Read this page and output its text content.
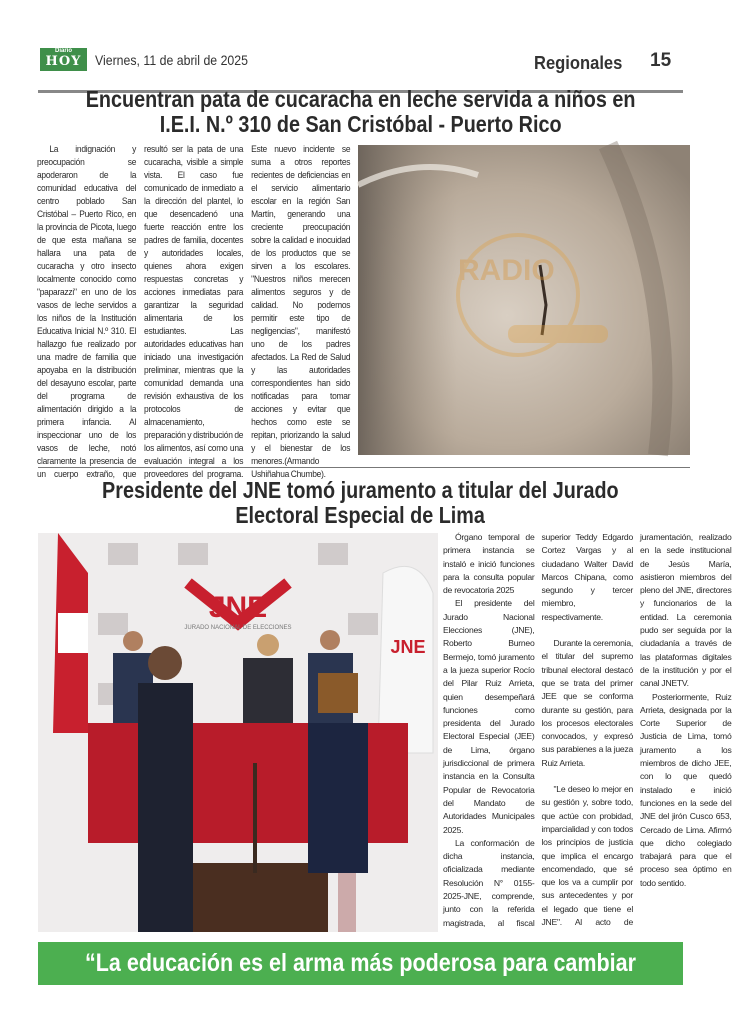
Diario
HOY Viernes, 11 de abril de 2025	Regionales 15
Encuentran pata de cucaracha en leche servida a niños en
I.E.I. N.º 310 de San Cristóbal - Puerto Rico

La indignación y preocupación se apoderaron de la comunidad educativa del centro poblado San Cristóbal – Puerto Rico, en la provincia de Picota, luego de que esta mañana se hallara una pata de cucaracha y otro insecto localmente conocido como "paparazzi" en uno de los vasos de leche servidos a los niños de la Institución Educativa Inicial N.º 310. El hallazgo fue realizado por una madre de familia que apoyaba en la distribución del desayuno escolar, parte del programa de alimentación dirigido a la primera infancia. Al inspeccionar uno de los vasos de leche, notó claramente la presencia de un cuerpo extraño, que resultó ser la pata de una cucaracha, visible a simple vista. El caso fue comunicado de inmediato a la dirección del plantel, lo que desencadenó una fuerte reacción entre los padres de familia, docentes y autoridades locales, quienes ahora exigen respuestas concretas y acciones inmediatas para garantizar la seguridad alimentaria de los estudiantes. Las autoridades educativas han iniciado una investigación preliminar, mientras que la comunidad demanda una revisión exhaustiva de los protocolos de almacenamiento, preparación y distribución de los alimentos, así como una evaluación integral a los proveedores del programa. Este nuevo incidente se suma a otros reportes recientes de deficiencias en el servicio alimentario escolar en la región San Martín, generando una creciente preocupación sobre la calidad e inocuidad de los productos que se sirven a los escolares. "Nuestros niños merecen alimentos seguros y de calidad. No podemos permitir este tipo de negligencias", manifestó uno de los padres afectados. La Red de Salud y las autoridades correspondientes han sido notificadas para tomar acciones y evitar que hechos como este se repitan, priorizando la salud y el bienestar de los menores.(Armando Ushiñahua Chumbe).

RADIO
Presidente del JNE tomó juramento a titular del Jurado
Electoral Especial de Lima
JNE
JNE
JURADO NACIONAL DE ELECCIONES

Órgano temporal de primera instancia se instaló e inició funciones para la consulta popular de revocatoria 2025

El presidente del Jurado Nacional Elecciones (JNE), Roberto Burneo Bermejo, tomó juramento a la jueza superior Rocío del Pilar Ruiz Arrieta, quien desempeñará funciones como presidenta del Jurado Electoral Especial (JEE) de Lima, órgano jurisdiccional de primera instancia en la Consulta Popular de Revocatoria del Mandato de Autoridades Municipales 2025.

La conformación de dicha instancia, oficializada mediante Resolución N° 0155-2025-JNE, comprende, junto con la referida magistrada, al fiscal superior Teddy Edgardo Cortez Vargas y al ciudadano Walter David Marcos Chipana, como segundo y tercer miembro, respectivamente.

Durante la ceremonia, el titular del supremo tribunal electoral destacó que se trata del primer JEE que se conforma durante su gestión, para los procesos electorales convocados, y expresó sus parabienes a la jueza Ruiz Arrieta.

"Le deseo lo mejor en su gestión y, sobre todo, que actúe con probidad, imparcialidad y con todos los principios de justicia que implica el encargo encomendado, que sé que los va a cumplir por sus antecedentes y por el legado que tiene el JNE". Al acto de juramentación, realizado en la sede institucional de Jesús María, asistieron miembros del pleno del JNE, directores y funcionarios de la entidad. La ceremonia pudo ser seguida por la ciudadanía a través de las plataformas digitales de la institución y por el canal JNETV.

Posteriormente, Ruiz Arrieta, designada por la Corte Superior de Justicia de Lima, tomó juramento a los miembros de dicho JEE, con lo que quedó instalado e inició funciones en la sede del JNE del jirón Cusco 653, Cercado de Lima. Afirmó que dicho colegiado trabajará para que el proceso sea óptimo en todo sentido.

“La educación es el arma más poderosa para cambiar el mundo”
